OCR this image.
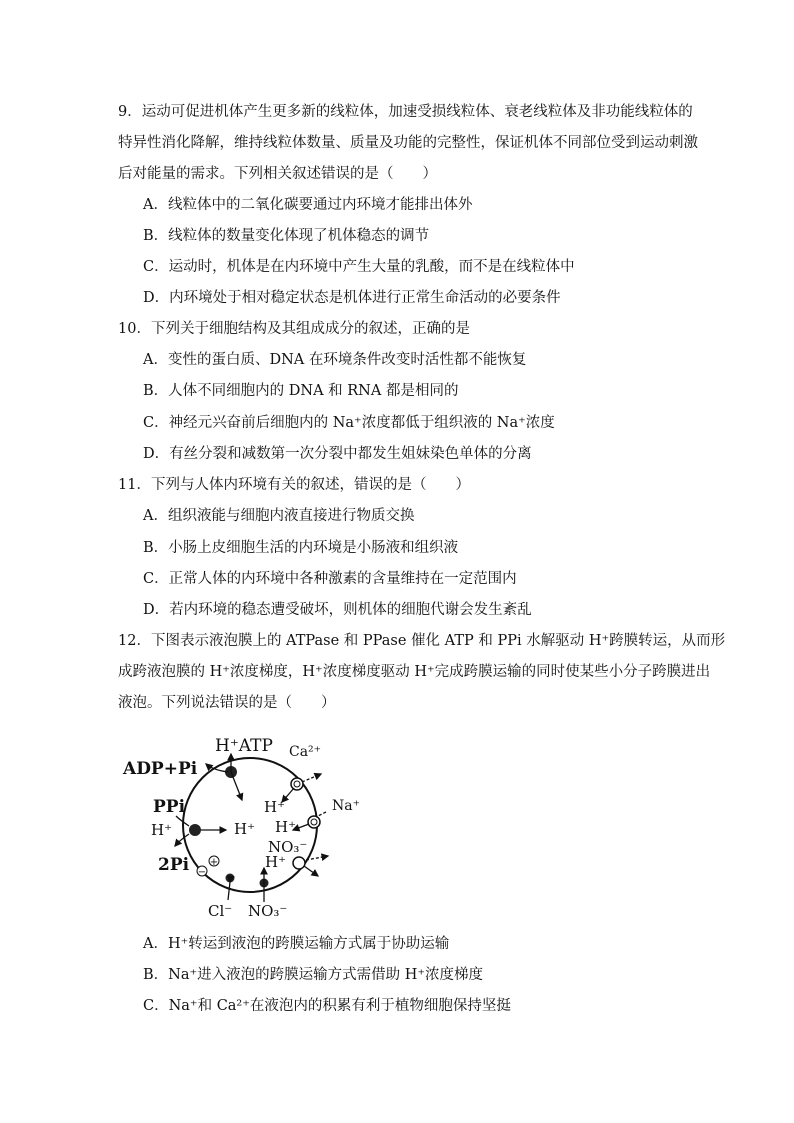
9．运动可促进机体产生更多新的线粒体，加速受损线粒体、衰老线粒体及非功能线粒体的
特异性消化降解，维持线粒体数量、质量及功能的完整性，保证机体不同部位受到运动刺激
后对能量的需求。下列相关叙述错误的是（　　）
A．线粒体中的二氧化碳要通过内环境才能排出体外
B．线粒体的数量变化体现了机体稳态的调节
C．运动时，机体是在内环境中产生大量的乳酸，而不是在线粒体中
D．内环境处于相对稳定状态是机体进行正常生命活动的必要条件
10．下列关于细胞结构及其组成成分的叙述，正确的是
A．变性的蛋白质、DNA 在环境条件改变时活性都不能恢复
B．人体不同细胞内的 DNA 和 RNA 都是相同的
C．神经元兴奋前后细胞内的 Na⁺浓度都低于组织液的 Na⁺浓度
D．有丝分裂和减数第一次分裂中都发生姐妹染色单体的分离
11．下列与人体内环境有关的叙述，错误的是（　　）
A．组织液能与细胞内液直接进行物质交换
B．小肠上皮细胞生活的内环境是小肠液和组织液
C．正常人体的内环境中各种激素的含量维持在一定范围内
D．若内环境的稳态遭受破坏，则机体的细胞代谢会发生紊乱
12．下图表示液泡膜上的 ATPase 和 PPase 催化 ATP 和 PPi 水解驱动 H⁺跨膜转运，从而形
成跨液泡膜的 H⁺浓度梯度，H⁺浓度梯度驱动 H⁺完成跨膜运输的同时使某些小分子跨膜进出
液泡。下列说法错误的是（　　）
+
−
H⁺ATP
ADP+Pi
Ca²⁺
Na⁺
PPi
H⁺	H⁺
H⁺
H⁺
NO₃⁻
H⁺
2Pi
Cl⁻ NO₃⁻
A．H⁺转运到液泡的跨膜运输方式属于协助运输
B．Na⁺进入液泡的跨膜运输方式需借助 H⁺浓度梯度
C．Na⁺和 Ca²⁺在液泡内的积累有利于植物细胞保持坚挺
